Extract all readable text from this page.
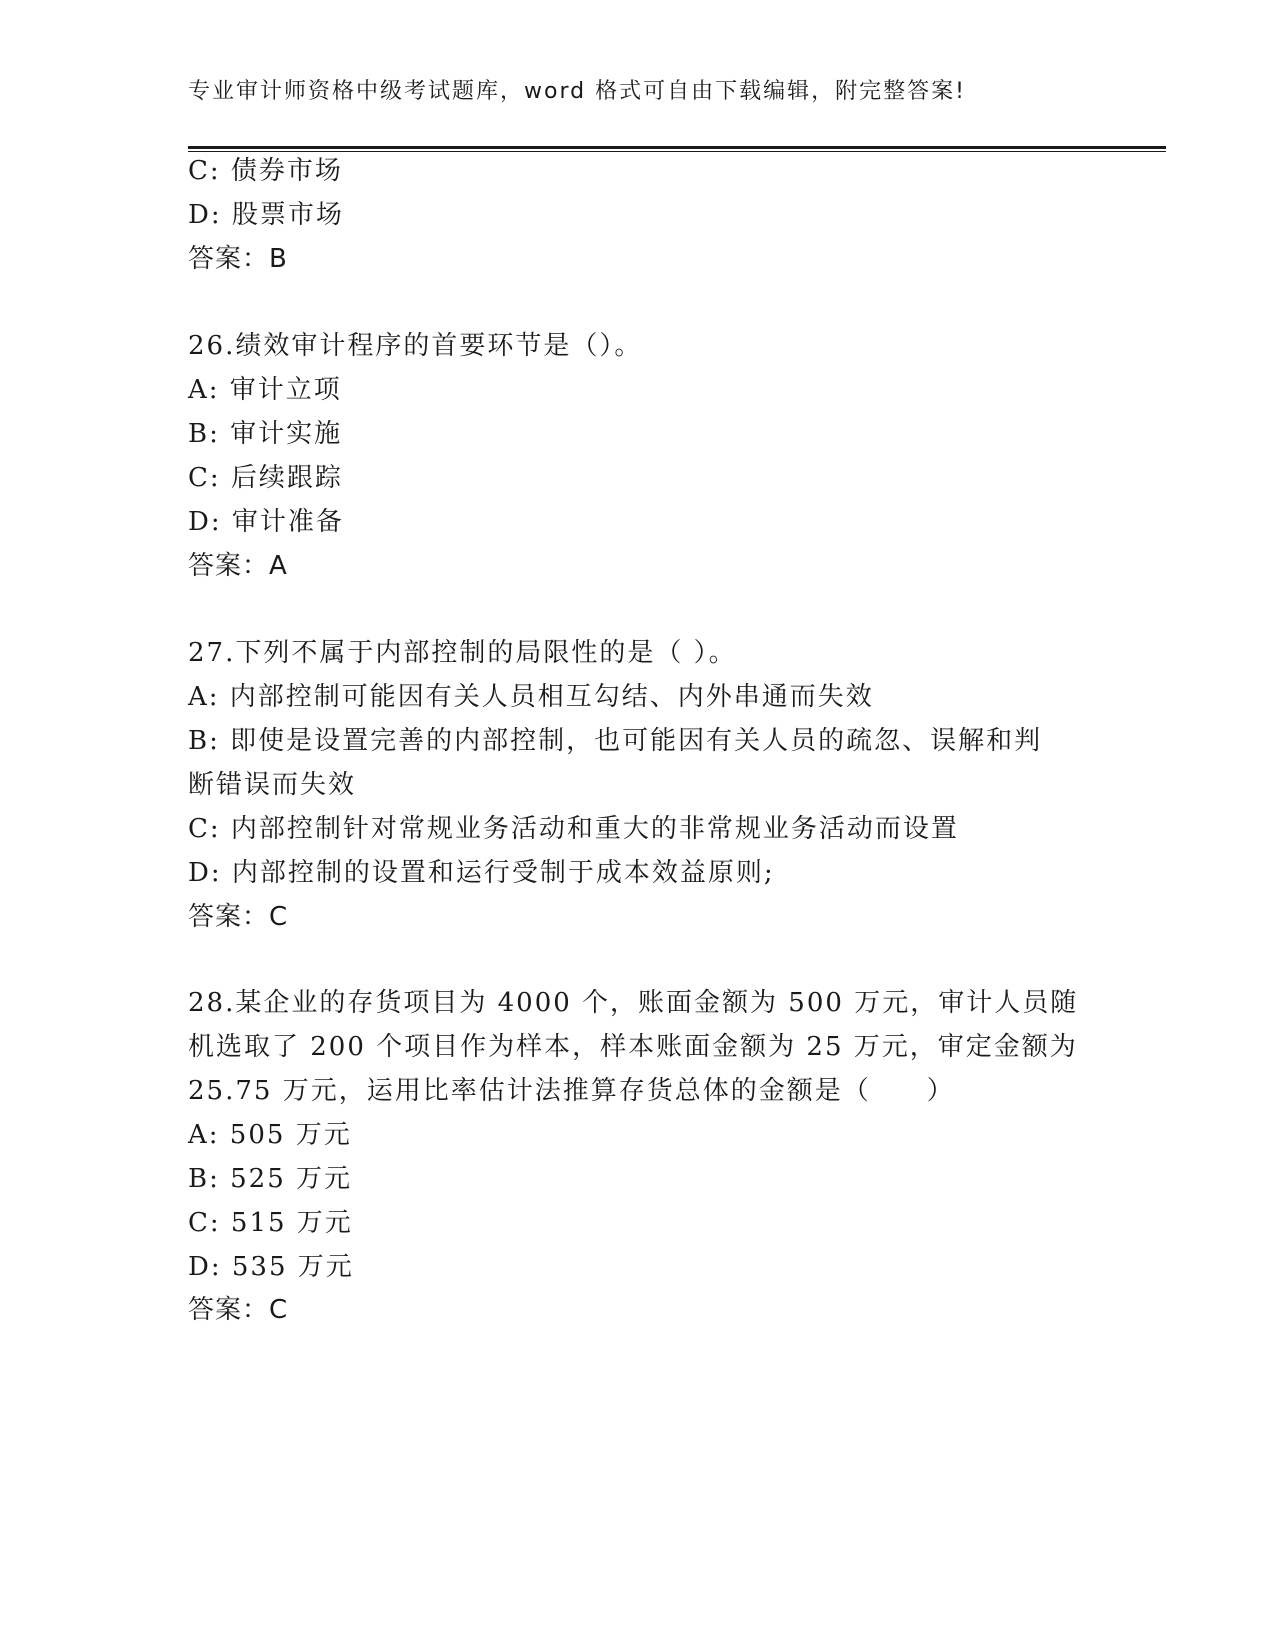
专业审计师资格中级考试题库，word 格式可自由下载编辑，附完整答案!
C: 债券市场
D: 股票市场
答案：B
26.绩效审计程序的首要环节是（）。
A: 审计立项
B: 审计实施
C: 后续跟踪
D: 审计准备
答案：A
27.下列不属于内部控制的局限性的是（ ）。
A: 内部控制可能因有关人员相互勾结、内外串通而失效
B: 即使是设置完善的内部控制，也可能因有关人员的疏忽、误解和判
断错误而失效
C: 内部控制针对常规业务活动和重大的非常规业务活动而设置
D: 内部控制的设置和运行受制于成本效益原则;
答案：C
28.某企业的存货项目为 4000 个，账面金额为 500 万元，审计人员随
机选取了 200 个项目作为样本，样本账面金额为 25 万元，审定金额为
25.75 万元，运用比率估计法推算存货总体的金额是（　　）
A: 505 万元
B: 525 万元
C: 515 万元
D: 535 万元
答案：C
